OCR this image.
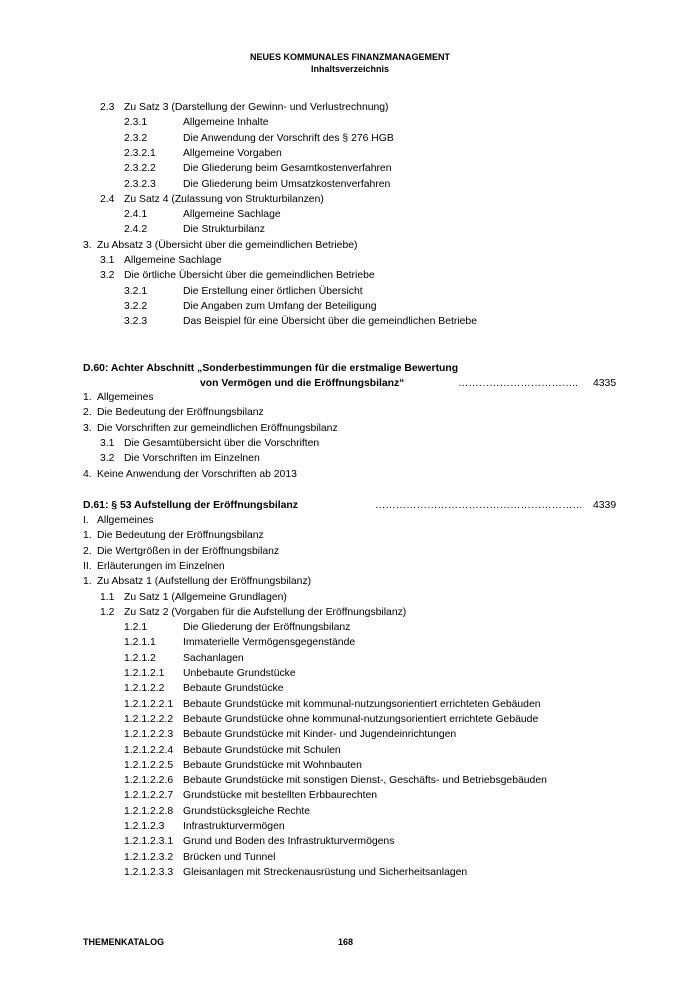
NEUES KOMMUNALES FINANZMANAGEMENT
Inhaltsverzeichnis
2.3 Zu Satz 3 (Darstellung der Gewinn- und Verlustrechnung)
2.3.1	Allgemeine Inhalte
2.3.2	Die Anwendung der Vorschrift des § 276 HGB
2.3.2.1	Allgemeine Vorgaben
2.3.2.2	Die Gliederung beim Gesamtkostenverfahren
2.3.2.3	Die Gliederung beim Umsatzkostenverfahren
2.4 Zu Satz 4 (Zulassung von Strukturbilanzen)
2.4.1	Allgemeine Sachlage
2.4.2	Die Strukturbilanz
3. Zu Absatz 3 (Übersicht über die gemeindlichen Betriebe)
3.1 Allgemeine Sachlage
3.2 Die örtliche Übersicht über die gemeindlichen Betriebe
3.2.1	Die Erstellung einer örtlichen Übersicht
3.2.2	Die Angaben zum Umfang der Beteiligung
3.2.3	Das Beispiel für eine Übersicht über die gemeindlichen Betriebe
D.60: Achter Abschnitt „Sonderbestimmungen für die erstmalige Bewertung
von Vermögen und die Eröffnungsbilanz“	…………………………….. 4335
1. Allgemeines
2. Die Bedeutung der Eröffnungsbilanz
3. Die Vorschriften zur gemeindlichen Eröffnungsbilanz
3.1 Die Gesamtübersicht über die Vorschriften
3.2 Die Vorschriften im Einzelnen
4. Keine Anwendung der Vorschriften ab 2013
D.61: § 53 Aufstellung der Eröffnungsbilanz	…………………………………………………… 4339
I. Allgemeines
1. Die Bedeutung der Eröffnungsbilanz
2. Die Wertgrößen in der Eröffnungsbilanz
II. Erläuterungen im Einzelnen
1. Zu Absatz 1 (Aufstellung der Eröffnungsbilanz)
1.1 Zu Satz 1 (Allgemeine Grundlagen)
1.2 Zu Satz 2 (Vorgaben für die Aufstellung der Eröffnungsbilanz)
1.2.1	Die Gliederung der Eröffnungsbilanz
1.2.1.1	Immaterielle Vermögensgegenstände
1.2.1.2	Sachanlagen
1.2.1.2.1 Unbebaute Grundstücke
1.2.1.2.2 Bebaute Grundstücke
1.2.1.2.2.1 Bebaute Grundstücke mit kommunal-nutzungsorientiert errichteten Gebäuden
1.2.1.2.2.2 Bebaute Grundstücke ohne kommunal-nutzungsorientiert errichtete Gebäude
1.2.1.2.2.3 Bebaute Grundstücke mit Kinder- und Jugendeinrichtungen
1.2.1.2.2.4 Bebaute Grundstücke mit Schulen
1.2.1.2.2.5 Bebaute Grundstücke mit Wohnbauten
1.2.1.2.2.6 Bebaute Grundstücke mit sonstigen Dienst-, Geschäfts- und Betriebsgebäuden
1.2.1.2.2.7 Grundstücke mit bestellten Erbbaurechten
1.2.1.2.2.8 Grundstücksgleiche Rechte
1.2.1.2.3 Infrastrukturvermögen
1.2.1.2.3.1 Grund und Boden des Infrastrukturvermögens
1.2.1.2.3.2 Brücken und Tunnel
1.2.1.2.3.3 Gleisanlagen mit Streckenausrüstung und Sicherheitsanlagen
THEMENKATALOG	168
